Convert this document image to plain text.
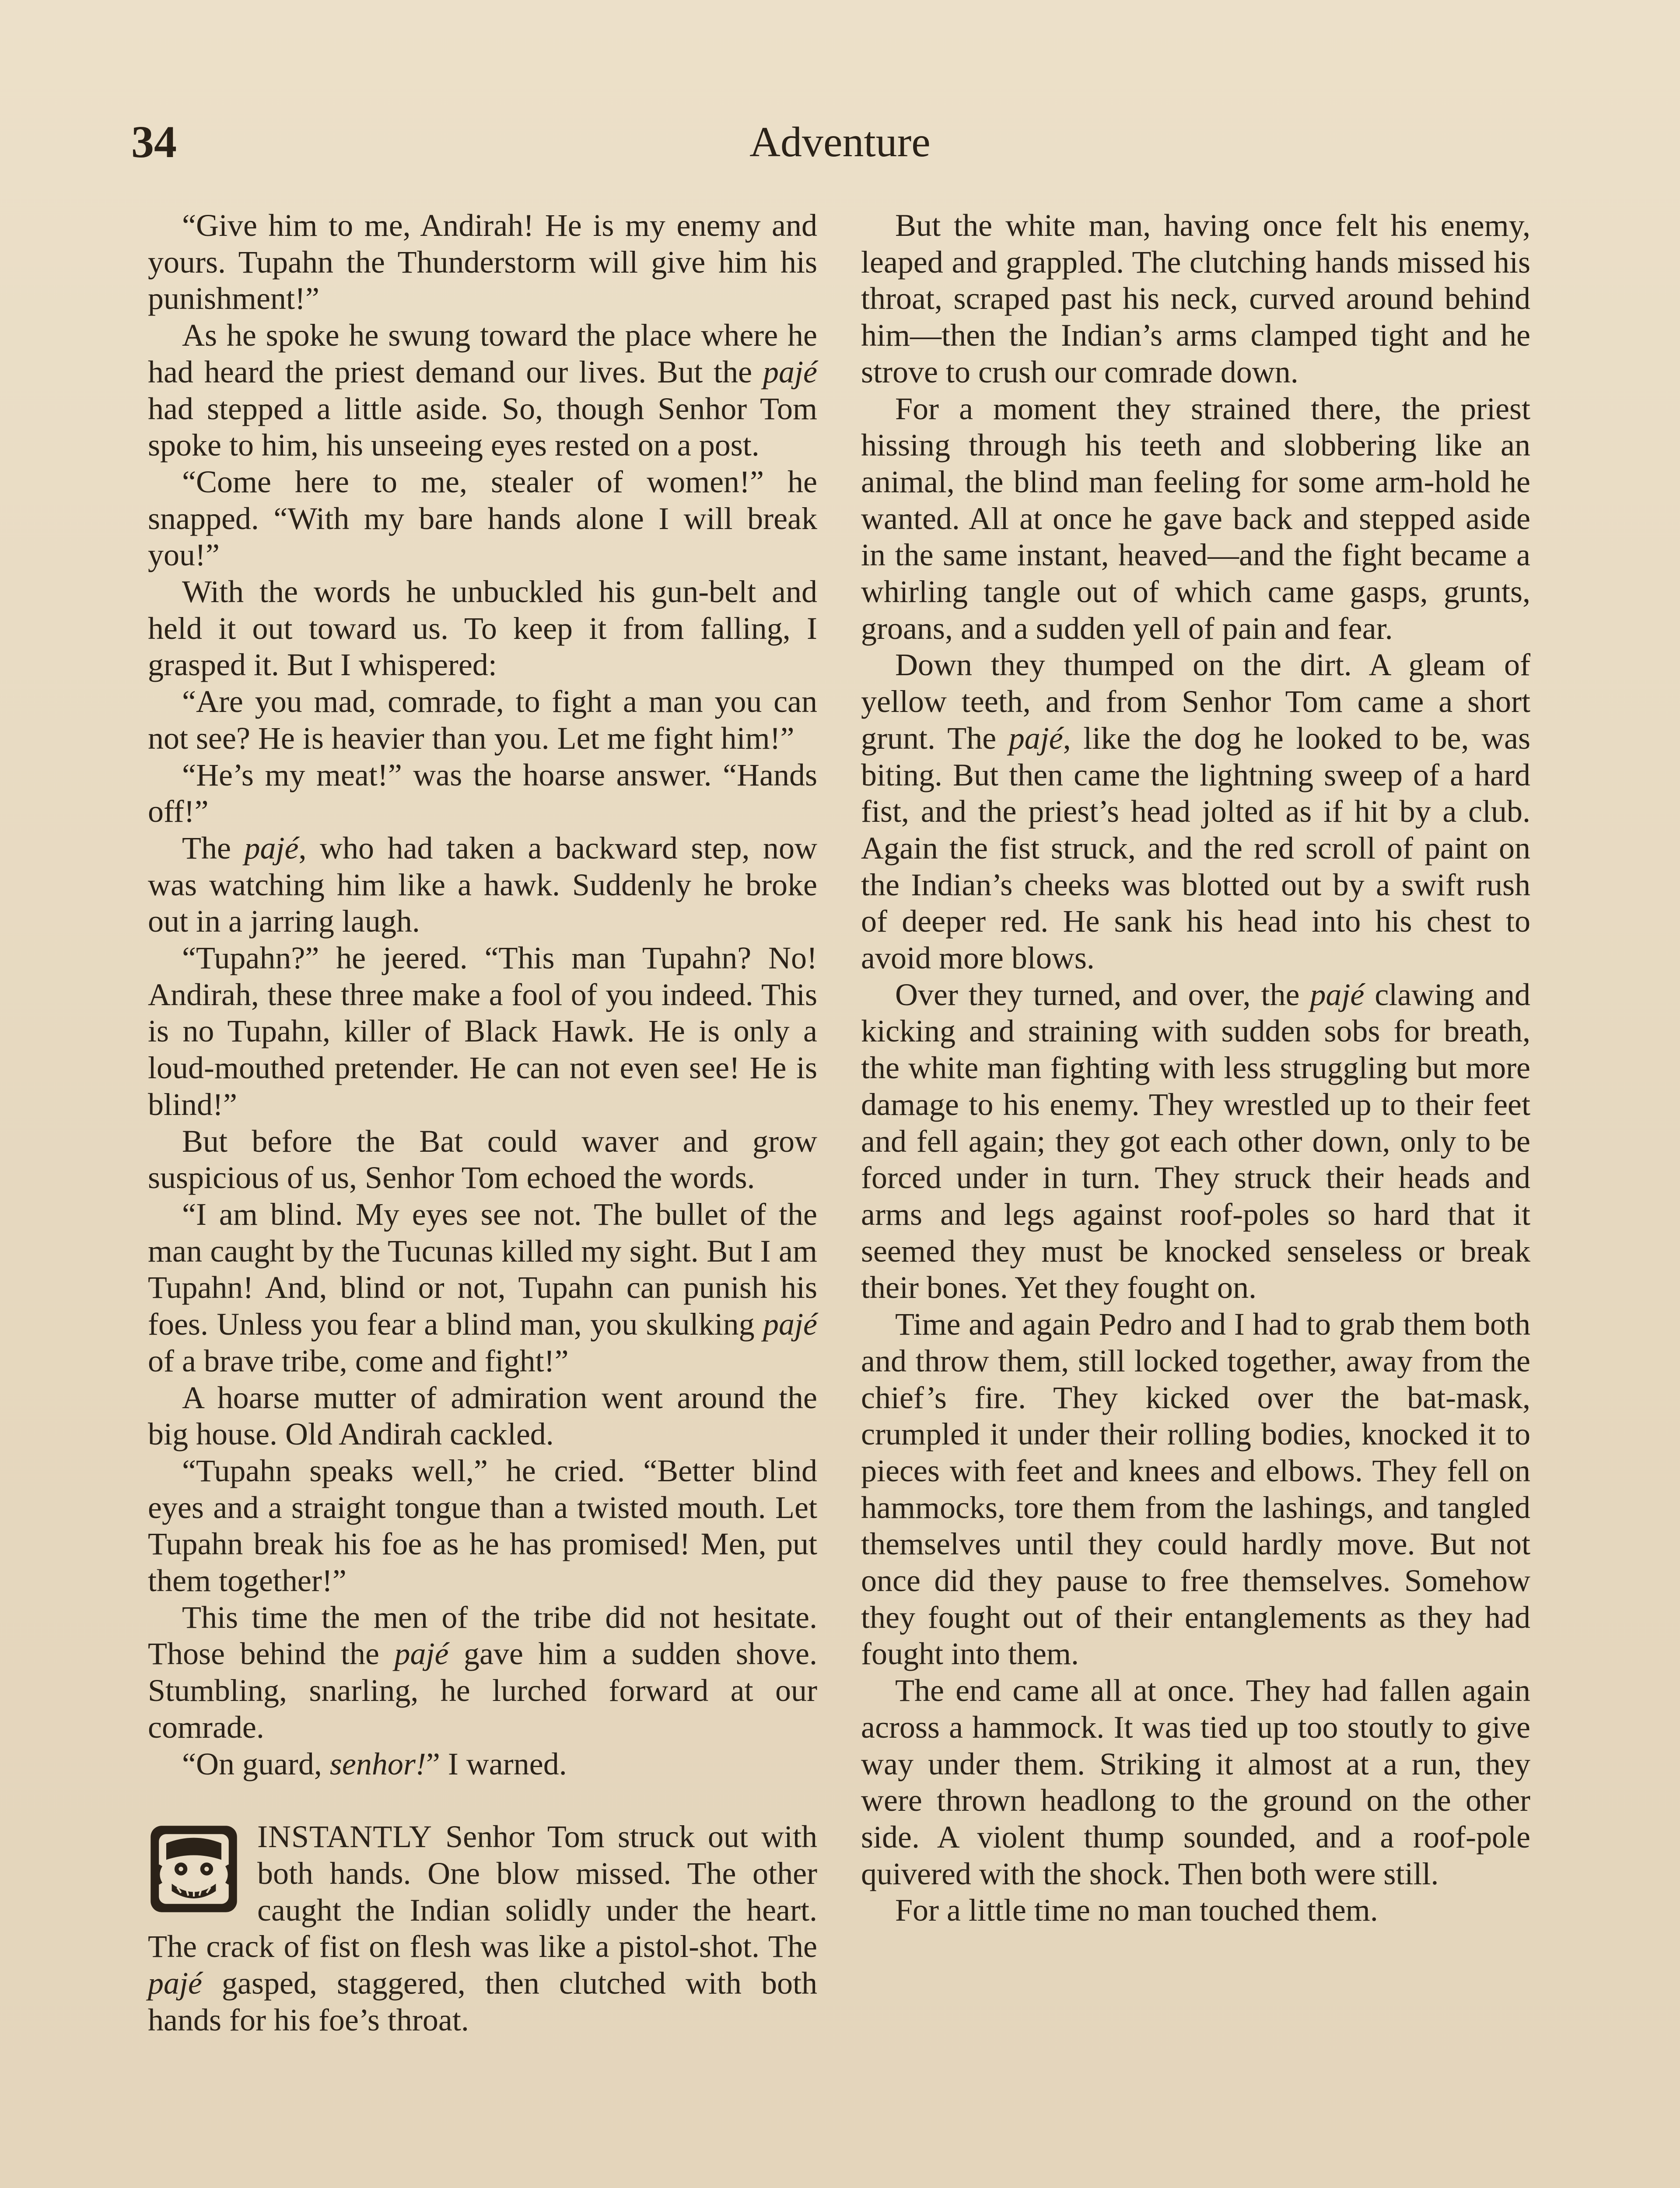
34	Adventure

“Give him to me, Andirah! He is my enemy and yours. Tupahn the Thunderstorm will give him his punishment!”

As he spoke he swung toward the place where he had heard the priest demand our lives. But the pajé had stepped a little aside. So, though Senhor Tom spoke to him, his unseeing eyes rested on a post.

“Come here to me, stealer of women!” he snapped. “With my bare hands alone I will break you!”

With the words he unbuckled his gun-belt and held it out toward us. To keep it from falling, I grasped it. But I whispered:

“Are you mad, comrade, to fight a man you can not see? He is heavier than you. Let me fight him!”

“He’s my meat!” was the hoarse answer. “Hands off!”

The pajé, who had taken a backward step, now was watching him like a hawk. Suddenly he broke out in a jarring laugh.

“Tupahn?” he jeered. “This man Tupahn? No! Andirah, these three make a fool of you indeed. This is no Tupahn, killer of Black Hawk. He is only a loud-mouthed pretender. He can not even see! He is blind!”

But before the Bat could waver and grow suspicious of us, Senhor Tom echoed the words.

“I am blind. My eyes see not. The bullet of the man caught by the Tucunas killed my sight. But I am Tupahn! And, blind or not, Tupahn can punish his foes. Unless you fear a blind man, you skulking pajé of a brave tribe, come and fight!”

A hoarse mutter of admiration went around the big house. Old Andirah cackled.

“Tupahn speaks well,” he cried. “Better blind eyes and a straight tongue than a twisted mouth. Let Tupahn break his foe as he has promised! Men, put them together!”

This time the men of the tribe did not hesitate. Those behind the pajé gave him a sudden shove. Stumbling, snarling, he lurched forward at our comrade.

“On guard, senhor!” I warned.

INSTANTLY Senhor Tom struck out with both hands. One blow missed. The other caught the Indian solidly under the heart. The crack of fist on flesh was like a pistol-shot. The pajé gasped, staggered, then clutched with both hands for his foe’s throat.

But the white man, having once felt his enemy, leaped and grappled. The clutching hands missed his throat, scraped past his neck, curved around behind him—then the Indian’s arms clamped tight and he strove to crush our comrade down.

For a moment they strained there, the priest hissing through his teeth and slobbering like an animal, the blind man feeling for some arm-hold he wanted. All at once he gave back and stepped aside in the same instant, heaved—and the fight became a whirling tangle out of which came gasps, grunts, groans, and a sudden yell of pain and fear.

Down they thumped on the dirt. A gleam of yellow teeth, and from Senhor Tom came a short grunt. The pajé, like the dog he looked to be, was biting. But then came the lightning sweep of a hard fist, and the priest’s head jolted as if hit by a club. Again the fist struck, and the red scroll of paint on the Indian’s cheeks was blotted out by a swift rush of deeper red. He sank his head into his chest to avoid more blows.

Over they turned, and over, the pajé clawing and kicking and straining with sudden sobs for breath, the white man fighting with less struggling but more damage to his enemy. They wrestled up to their feet and fell again; they got each other down, only to be forced under in turn. They struck their heads and arms and legs against roof-poles so hard that it seemed they must be knocked senseless or break their bones. Yet they fought on.

Time and again Pedro and I had to grab them both and throw them, still locked together, away from the chief’s fire. They kicked over the bat-mask, crumpled it under their rolling bodies, knocked it to pieces with feet and knees and elbows. They fell on hammocks, tore them from the lashings, and tangled themselves until they could hardly move. But not once did they pause to free themselves. Somehow they fought out of their entanglements as they had fought into them.

The end came all at once. They had fallen again across a hammock. It was tied up too stoutly to give way under them. Striking it almost at a run, they were thrown headlong to the ground on the other side. A violent thump sounded, and a roof-pole quivered with the shock. Then both were still.

For a little time no man touched them.
